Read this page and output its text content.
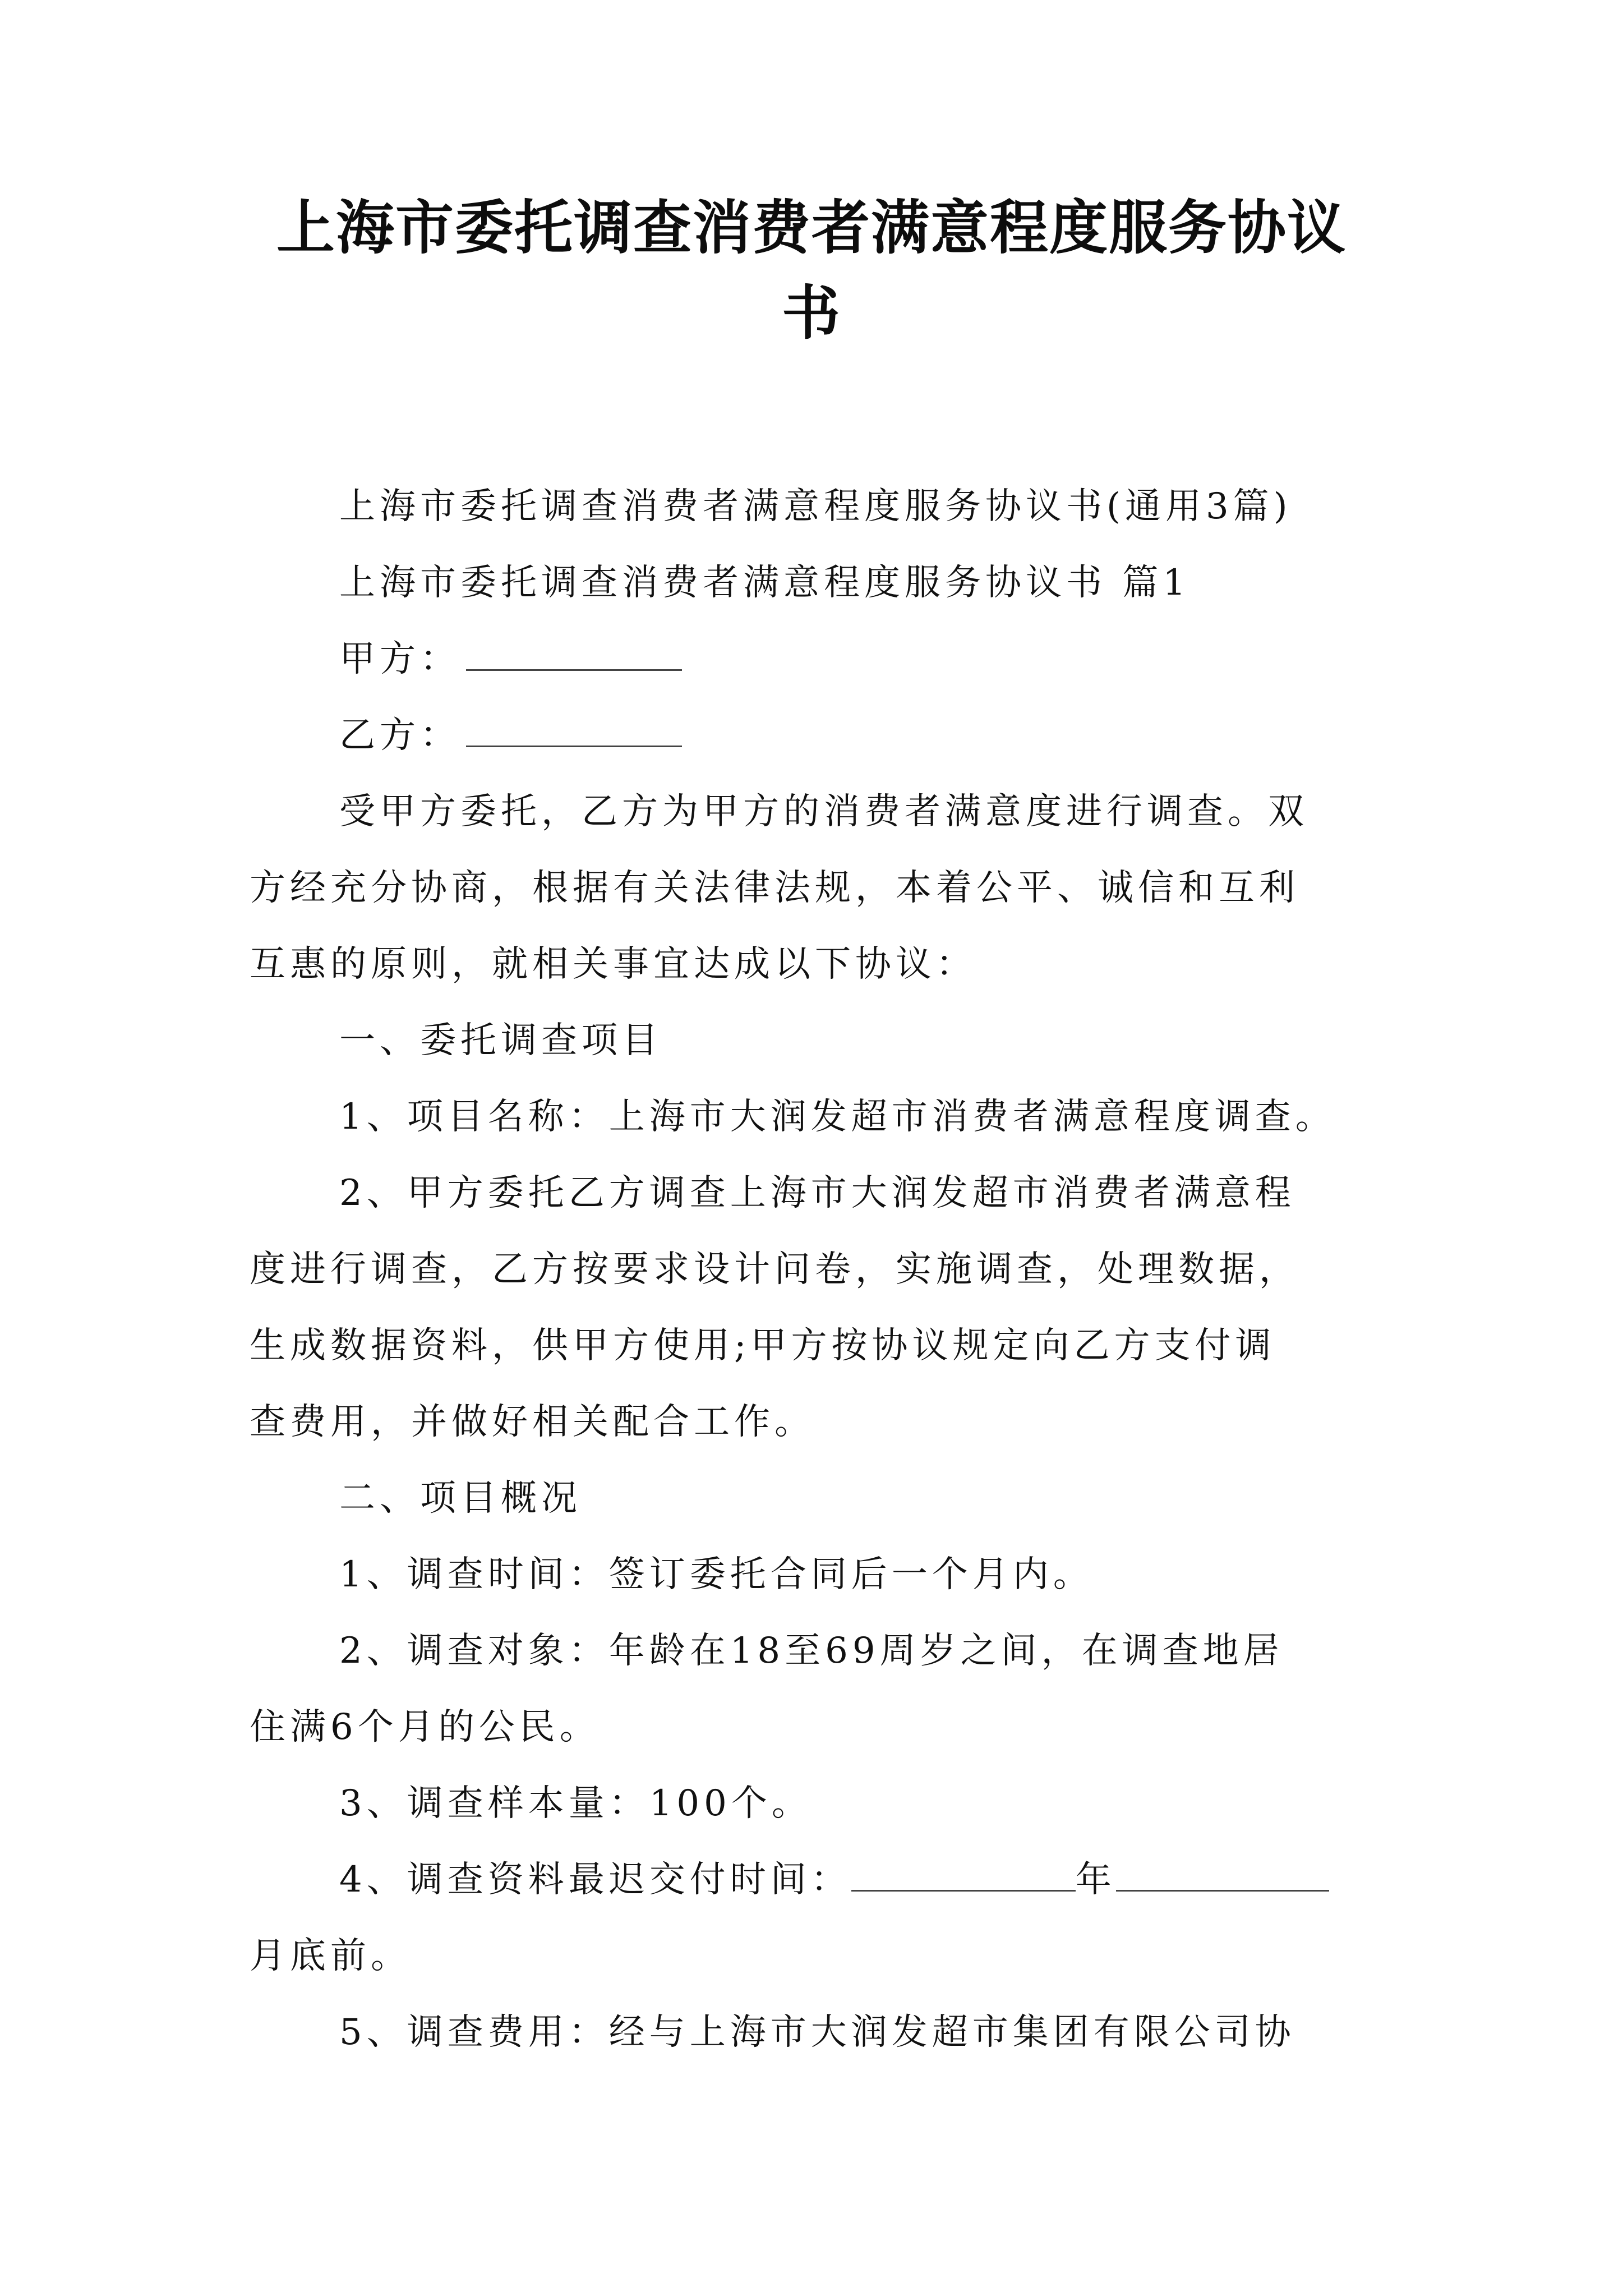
上海市委托调查消费者满意程度服务协议
书
上海市委托调查消费者满意程度服务协议书(通用3篇)
上海市委托调查消费者满意程度服务协议书 篇1
甲方：
乙方：
受甲方委托，乙方为甲方的消费者满意度进行调查。双
方经充分协商，根据有关法律法规，本着公平、诚信和互利
互惠的原则，就相关事宜达成以下协议：
一、委托调查项目
1、项目名称：上海市大润发超市消费者满意程度调查。
2、甲方委托乙方调查上海市大润发超市消费者满意程
度进行调查，乙方按要求设计问卷，实施调查，处理数据，
生成数据资料，供甲方使用;甲方按协议规定向乙方支付调
查费用，并做好相关配合工作。
二、项目概况
1、调查时间：签订委托合同后一个月内。
2、调查对象：年龄在18至69周岁之间，在调查地居
住满6个月的公民。
3、调查样本量：100个。
4、调查资料最迟交付时间：	年
月底前。
5、调查费用：经与上海市大润发超市集团有限公司协
